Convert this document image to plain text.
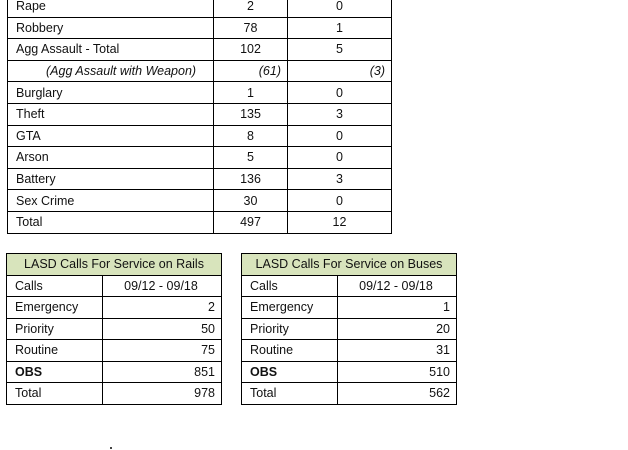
Rape	2	0
Robbery	78	1
Agg Assault - Total	102	5
(Agg Assault with Weapon)	(61)	(3)
Burglary	1	0
Theft	135	3
GTA	8	0
Arson	5	0
Battery	136	3
Sex Crime	30	0
Total	497	12
LASD Calls For Service on Rails	
Calls	09/12 - 09/18
Emergency	2
Priority	50
Routine	75
OBS	851
Total	978
LASD Calls For Service on Buses	
Calls	09/12 - 09/18
Emergency	1
Priority	20
Routine	31
OBS	510
Total	562
